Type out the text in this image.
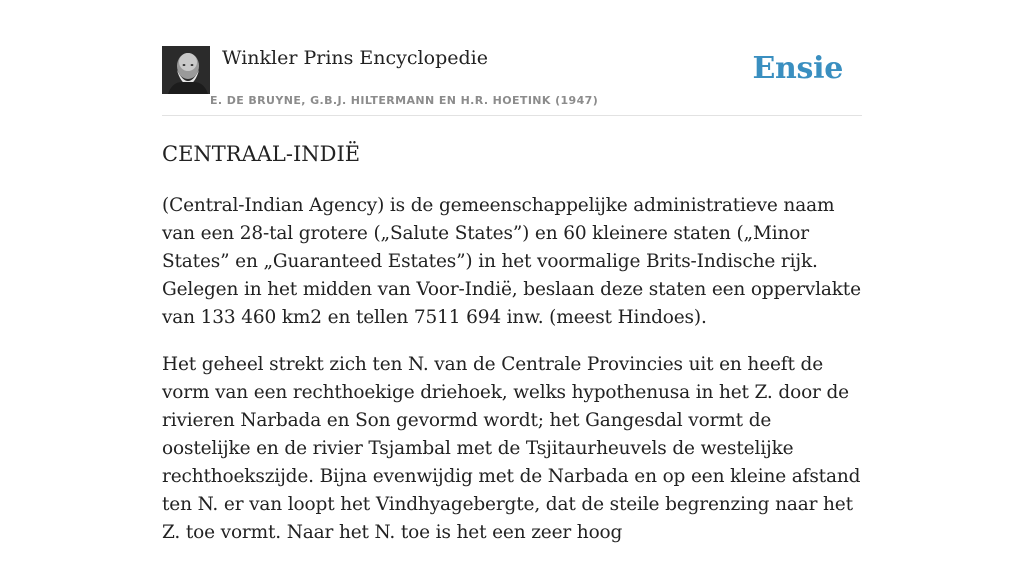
Winkler Prins Encyclopedie
E. DE BRUYNE, G.B.J. HILTERMANN EN H.R. HOETINK (1947)
Ensie
CENTRAAL-INDIË

(Central-Indian Agency) is de gemeenschappelijke administratieve naam van een 28-tal grotere („Salute States”) en 60 kleinere staten („Minor States” en „Guaranteed Estates”) in het voormalige Brits-Indische rijk. Gelegen in het midden van Voor-Indië, beslaan deze staten een oppervlakte van 133 460 km2 en tellen 7511 694 inw. (meest Hindoes).

Het geheel strekt zich ten N. van de Centrale Provincies uit en heeft de vorm van een rechthoekige driehoek, welks hypothenusa in het Z. door de rivieren Narbada en Son gevormd wordt; het Gangesdal vormt de oostelijke en de rivier Tsjambal met de Tsjitaurheuvels de westelijke rechthoekszijde. Bijna evenwijdig met de Narbada en op een kleine afstand ten N. er van loopt het Vindhyagebergte, dat de steile begrenzing naar het Z. toe vormt. Naar het N. toe is het een zeer hoog
